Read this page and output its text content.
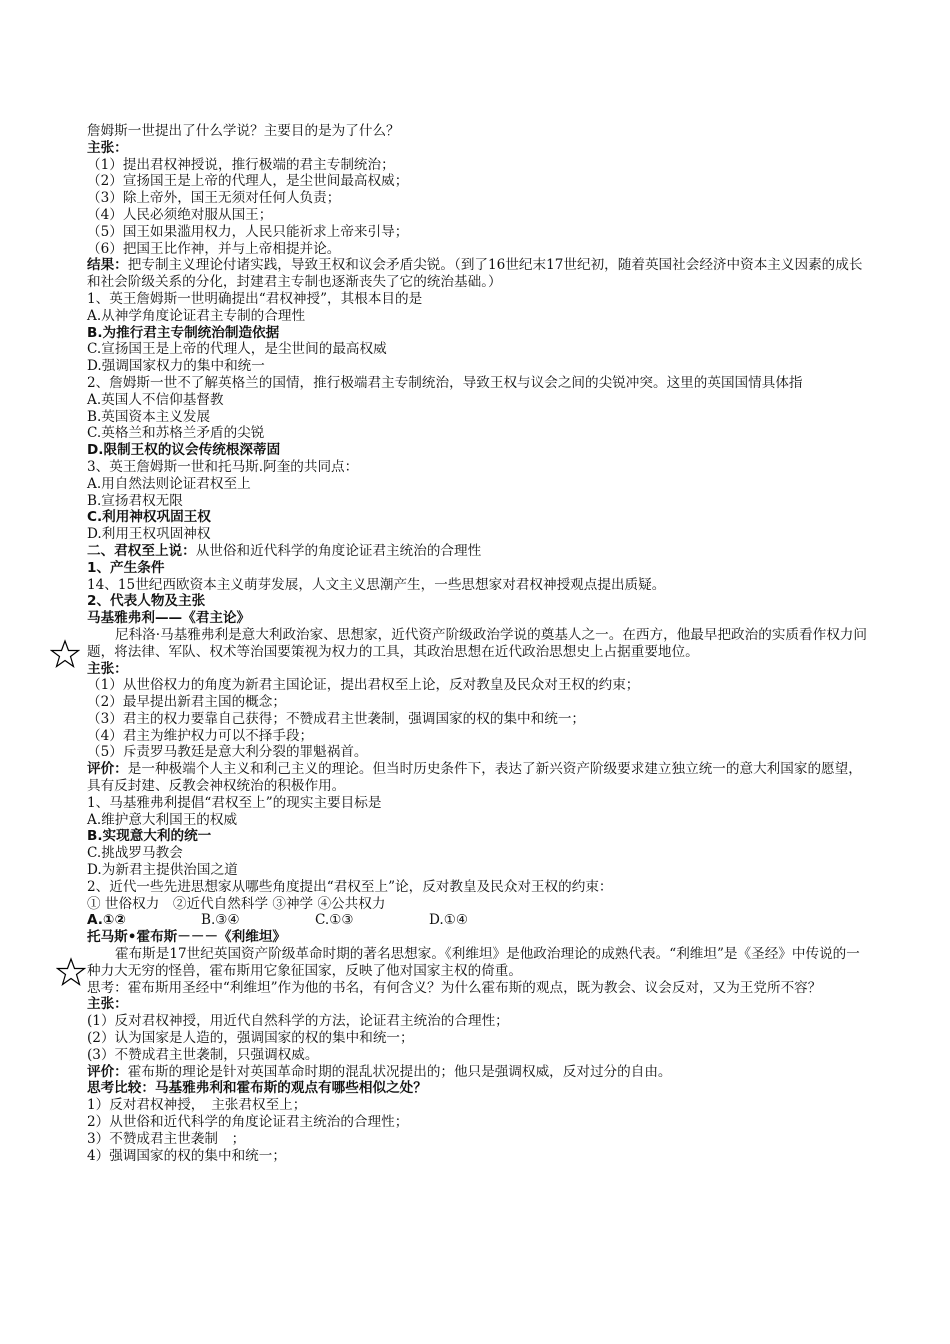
詹姆斯一世提出了什么学说？主要目的是为了什么？
主张：
（1）提出君权神授说，推行极端的君主专制统治；
（2）宣扬国王是上帝的代理人，是尘世间最高权威；
（3）除上帝外，国王无须对任何人负责；
（4）人民必须绝对服从国王；
（5）国王如果滥用权力，人民只能祈求上帝来引导；
（6）把国王比作神，并与上帝相提并论。
结果：把专制主义理论付诸实践，导致王权和议会矛盾尖锐。（到了16世纪末17世纪初，随着英国社会经济中资本主义因素的成长和社会阶级关系的分化，封建君主专制也逐渐丧失了它的统治基础。）
1、英王詹姆斯一世明确提出“君权神授”，其根本目的是
A.从神学角度论证君主专制的合理性
B.为推行君主专制统治制造依据
C.宣扬国王是上帝的代理人，是尘世间的最高权威
D.强调国家权力的集中和统一
2、詹姆斯一世不了解英格兰的国情，推行极端君主专制统治，导致王权与议会之间的尖锐冲突。这里的英国国情具体指
A.英国人不信仰基督教
B.英国资本主义发展
C.英格兰和苏格兰矛盾的尖锐
D.限制王权的议会传统根深蒂固
3、英王詹姆斯一世和托马斯.阿奎的共同点：
A.用自然法则论证君权至上
B.宣扬君权无限
C.利用神权巩固王权
D.利用王权巩固神权
二、君权至上说：从世俗和近代科学的角度论证君主统治的合理性
1、产生条件
14、15世纪西欧资本主义萌芽发展，人文主义思潮产生，一些思想家对君权神授观点提出质疑。
2、代表人物及主张
马基雅弗利——《君主论》
尼科洛·马基雅弗利是意大利政治家、思想家，近代资产阶级政治学说的奠基人之一。在西方，他最早把政治的实质看作权力问题，将法律、军队、权术等治国要策视为权力的工具，其政治思想在近代政治思想史上占据重要地位。
主张：
（1）从世俗权力的角度为新君主国论证，提出君权至上论，反对教皇及民众对王权的约束；
（2）最早提出新君主国的概念；
（3）君主的权力要靠自己获得；不赞成君主世袭制，强调国家的权的集中和统一；
（4）君主为维护权力可以不择手段；
（5）斥责罗马教廷是意大利分裂的罪魁祸首。
评价：是一种极端个人主义和利己主义的理论。但当时历史条件下，表达了新兴资产阶级要求建立独立统一的意大利国家的愿望，具有反封建、反教会神权统治的积极作用。
1、马基雅弗利提倡“君权至上”的现实主要目标是
A.维护意大利国王的权威
B.实现意大利的统一
C.挑战罗马教会
D.为新君主提供治国之道
2、近代一些先进思想家从哪些角度提出“君权至上”论，反对教皇及民众对王权的约束：
① 世俗权力　②近代自然科学 ③神学 ④公共权力
A.①②	B.③④	C.①③	D.①④
托马斯•霍布斯－－－《利维坦》
霍布斯是17世纪英国资产阶级革命时期的著名思想家。《利维坦》是他政治理论的成熟代表。“利维坦”是《圣经》中传说的一种力大无穷的怪兽，霍布斯用它象征国家，反映了他对国家主权的倚重。
思考：霍布斯用圣经中“利维坦”作为他的书名，有何含义？为什么霍布斯的观点，既为教会、议会反对，又为王党所不容？
主张：
(1）反对君权神授，用近代自然科学的方法，论证君主统治的合理性；
(2）认为国家是人造的，强调国家的权的集中和统一；
(3）不赞成君主世袭制，只强调权威。
评价：霍布斯的理论是针对英国革命时期的混乱状况提出的；他只是强调权威，反对过分的自由。
思考比较：马基雅弗利和霍布斯的观点有哪些相似之处？
1）反对君权神授，　主张君权至上；
2）从世俗和近代科学的角度论证君主统治的合理性；
3）不赞成君主世袭制　；
4）强调国家的权的集中和统一；
